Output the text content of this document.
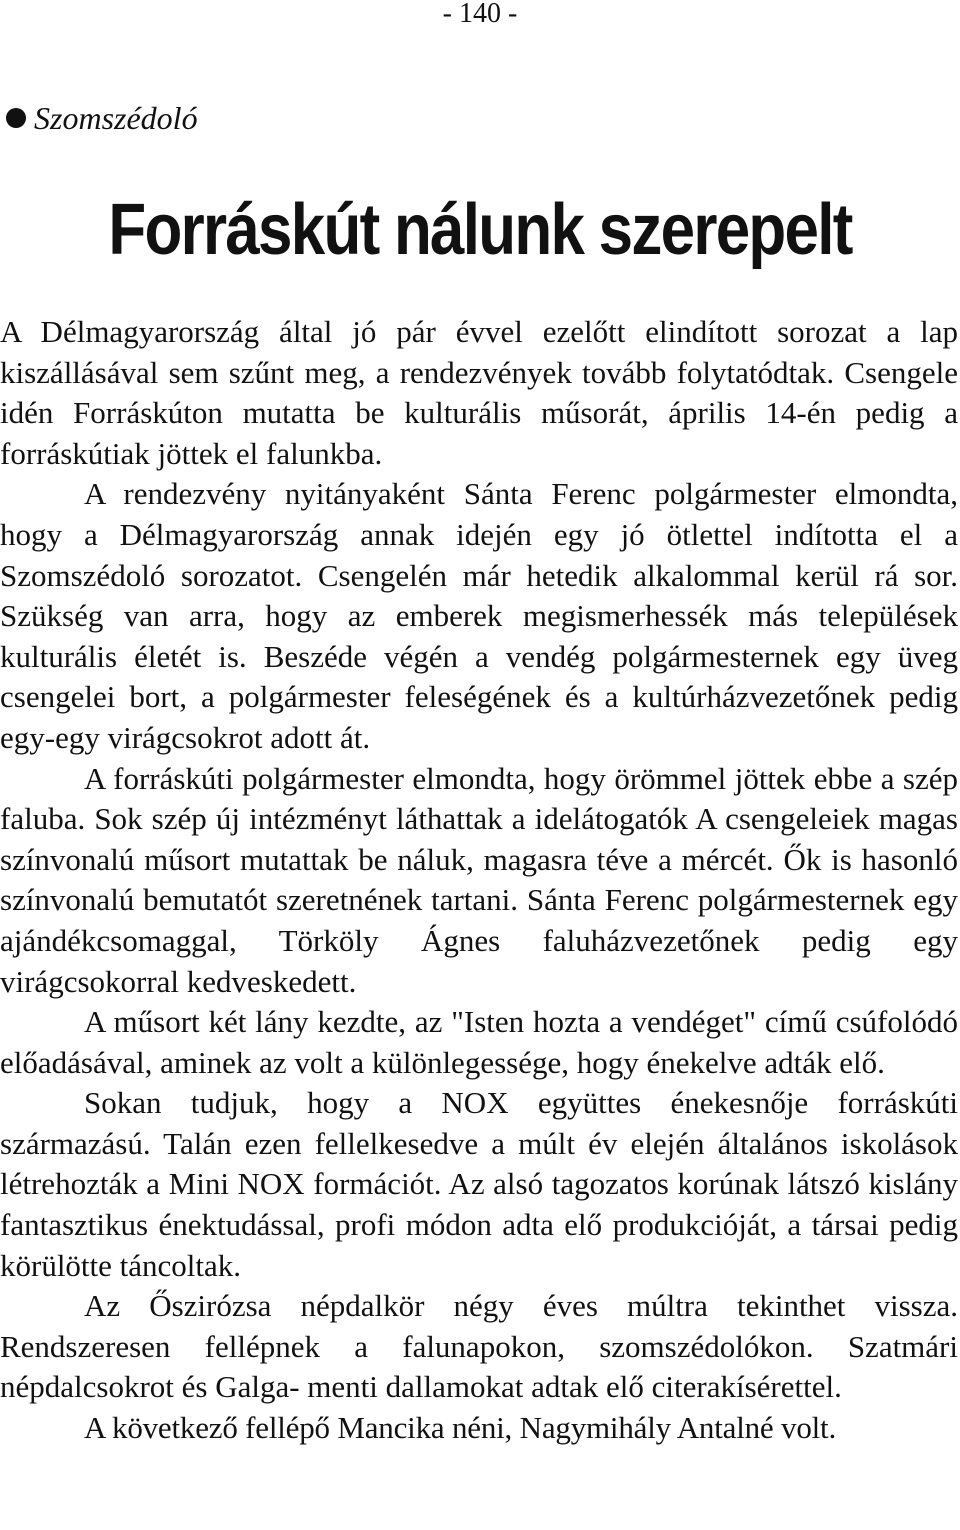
- 140 -
Szomszédoló
Forráskút nálunk szerepelt

A Délmagyarország által jó pár évvel ezelőtt elindított sorozat a lap kiszállásával sem szűnt meg, a rendezvények tovább folytatódtak. Csengele idén Forráskúton mutatta be kulturális műsorát, április 14-én pedig a forráskútiak jöttek el falunkba.

A rendezvény nyitányaként Sánta Ferenc polgármester elmondta, hogy a Délmagyarország annak idején egy jó ötlettel indította el a Szomszédoló sorozatot. Csengelén már hetedik alkalommal kerül rá sor. Szükség van arra, hogy az emberek megismerhessék más települések kulturális életét is. Beszéde végén a vendég polgármesternek egy üveg csengelei bort, a polgármester feleségének és a kultúrházvezetőnek pedig egy-egy virágcsokrot adott át.

A forráskúti polgármester elmondta, hogy örömmel jöttek ebbe a szép faluba. Sok szép új intézményt láthattak a idelátogatók A csengeleiek magas színvonalú műsort mutattak be náluk, magasra téve a mércét. Ők is hasonló színvonalú bemutatót szeretnének tartani. Sánta Ferenc polgármesternek egy ajándékcsomaggal, Törköly Ágnes faluházvezetőnek pedig egy virágcsokorral kedveskedett.

A műsort két lány kezdte, az "Isten hozta a vendéget" című csúfolódó előadásával, aminek az volt a különlegessége, hogy énekelve adták elő.

Sokan tudjuk, hogy a NOX együttes énekesnője forráskúti származású. Talán ezen fellelkesedve a múlt év elején általános iskolások létrehozták a Mini NOX formációt. Az alsó tagozatos korúnak látszó kislány fantasztikus énektudással, profi módon adta elő produkcióját, a társai pedig körülötte táncoltak.

Az Őszirózsa népdalkör négy éves múltra tekinthet vissza. Rendszeresen fellépnek a falunapokon, szomszédolókon. Szatmári népdalcsokrot és Galga- menti dallamokat adtak elő citerakísérettel.

A következő fellépő Mancika néni, Nagymihály Antalné volt.
